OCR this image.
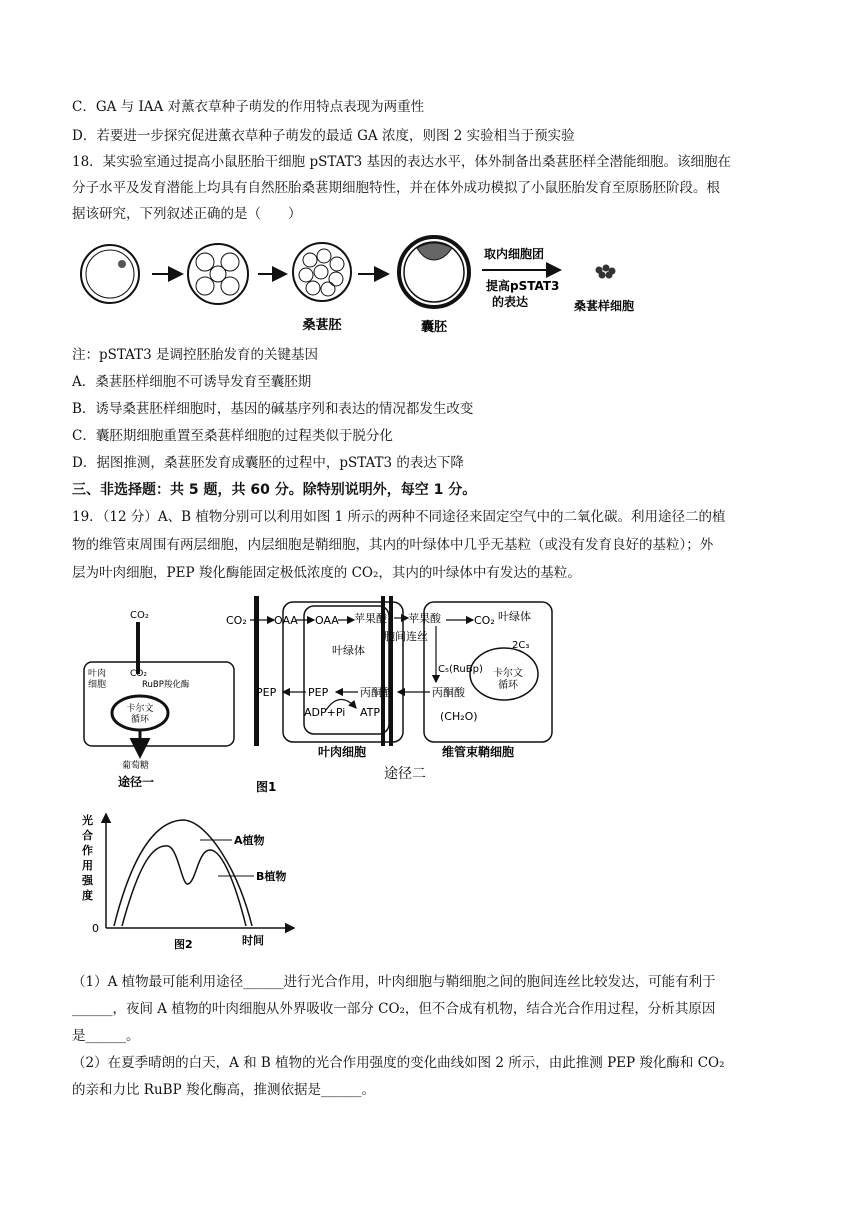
C．GA 与 IAA 对薰衣草种子萌发的作用特点表现为两重性
D．若要进一步探究促进薰衣草种子萌发的最适 GA 浓度，则图 2 实验相当于预实验
18．某实验室通过提高小鼠胚胎干细胞 pSTAT3 基因的表达水平，体外制备出桑葚胚样全潜能细胞。该细胞在
分子水平及发育潜能上均具有自然胚胎桑葚期细胞特性，并在体外成功模拟了小鼠胚胎发育至原肠胚阶段。根
据该研究，下列叙述正确的是（　　）
桑葚胚	囊胚
取内细胞团
提高pSTAT3
的表达	桑葚样细胞
注：pSTAT3 是调控胚胎发育的关键基因
A．桑葚胚样细胞不可诱导发育至囊胚期
B．诱导桑葚胚样细胞时，基因的碱基序列和表达的情况都发生改变
C．囊胚期细胞重置至桑葚样细胞的过程类似于脱分化
D．据图推测，桑葚胚发育成囊胚的过程中，pSTAT3 的表达下降
三、非选择题：共 5 题，共 60 分。除特别说明外，每空 1 分。
19．（12 分）A、B 植物分别可以利用如图 1 所示的两种不同途径来固定空气中的二氧化碳。利用途径二的植
物的维管束周围有两层细胞，内层细胞是鞘细胞，其内的叶绿体中几乎无基粒（或没有发育良好的基粒）；外
层为叶肉细胞，PEP 羧化酶能固定极低浓度的 CO₂，其内的叶绿体中有发达的基粒。
CO₂
叶肉
细胞
CO₂
RuBP羧化酶
卡尔文
循环
葡萄糖
途径一	图1
CO₂ OAA OAA 苹果酸 苹果酸
胞间连丝
CO₂ 叶绿体
叶绿体	2C₃
C₅(RuBp) 卡尔文
循环
丙酮酸
丙酮酸
PEP
PEP
ADP+Pi ATP	(CH₂O)
叶肉细胞	维管束鞘细胞
途径二
光
合
作
用
强
度
0
时间
A植物
B植物
图2
（1）A 植物最可能利用途径______进行光合作用，叶肉细胞与鞘细胞之间的胞间连丝比较发达，可能有利于
______，夜间 A 植物的叶肉细胞从外界吸收一部分 CO₂，但不合成有机物，结合光合作用过程，分析其原因
是______。
（2）在夏季晴朗的白天，A 和 B 植物的光合作用强度的变化曲线如图 2 所示，由此推测 PEP 羧化酶和 CO₂
的亲和力比 RuBP 羧化酶高，推测依据是______。
